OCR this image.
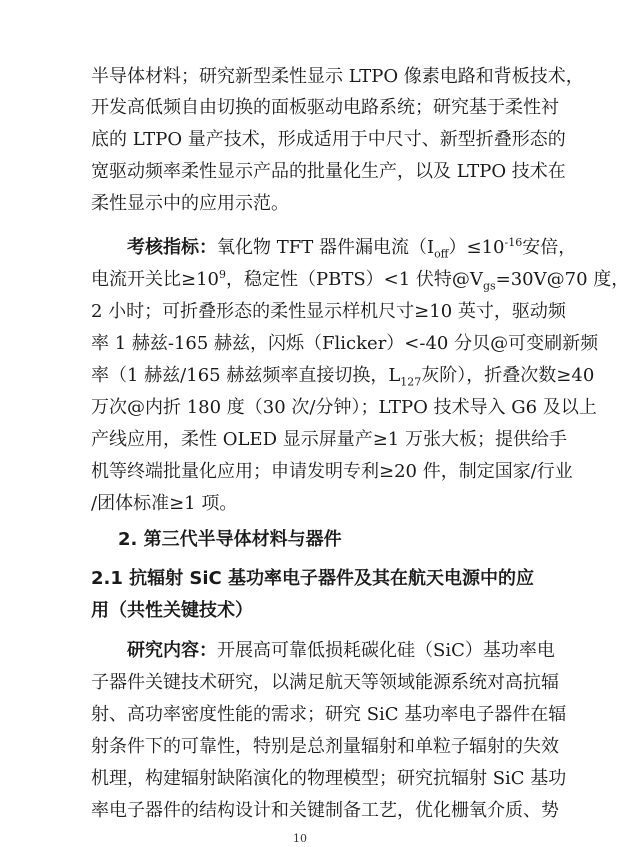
半导体材料；研究新型柔性显示 LTPO 像素电路和背板技术，
开发高低频自由切换的面板驱动电路系统；研究基于柔性衬
底的 LTPO 量产技术，形成适用于中尺寸、新型折叠形态的
宽驱动频率柔性显示产品的批量化生产，以及 LTPO 技术在
柔性显示中的应用示范。
考核指标：氧化物 TFT 器件漏电流$(I_{off})\le 10^{-16}$安倍，
电流开关比$\ge 10^9$，稳定性（PBTS）<1 伏特$@V_{gs}=30V@70$ 度，
2 小时；可折叠形态的柔性显示样机尺寸≥10 英寸，驱动频
率 1 赫兹-165 赫兹，闪烁（Flicker）<-40 分贝@可变刷新频
率（1 赫兹/165 赫兹频率直接切换，$L_{127}$灰阶），折叠次数≥40
万次@内折 180 度（30 次/分钟）；LTPO 技术导入 G6 及以上
产线应用，柔性 OLED 显示屏量产≥1 万张大板；提供给手
机等终端批量化应用；申请发明专利≥20 件，制定国家/行业
/团体标准≥1 项。
2. 第三代半导体材料与器件
2.1 抗辐射 SiC 基功率电子器件及其在航天电源中的应
用（共性关键技术）
研究内容：开展高可靠低损耗碳化硅（SiC）基功率电
子器件关键技术研究，以满足航天等领域能源系统对高抗辐
射、高功率密度性能的需求；研究 SiC 基功率电子器件在辐
射条件下的可靠性，特别是总剂量辐射和单粒子辐射的失效
机理，构建辐射缺陷演化的物理模型；研究抗辐射 SiC 基功
率电子器件的结构设计和关键制备工艺，优化栅氧介质、势
10
